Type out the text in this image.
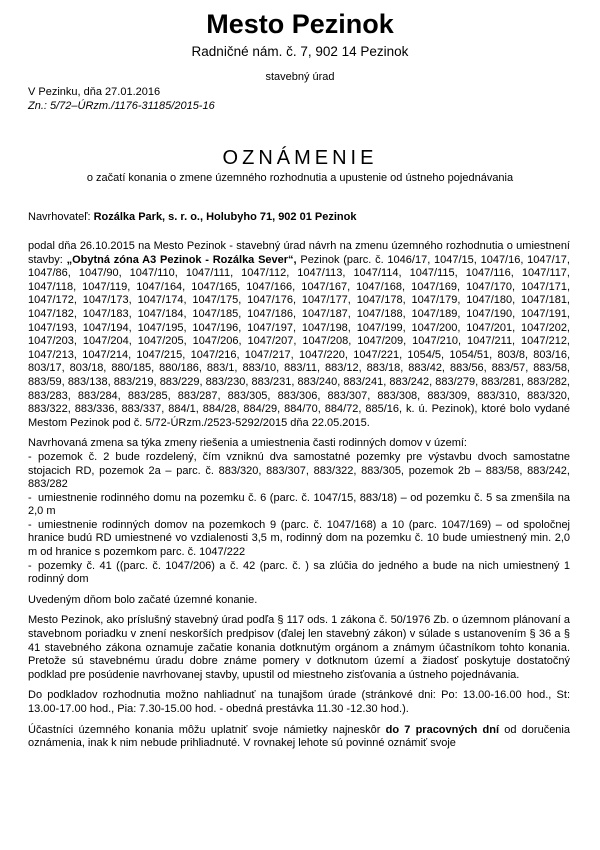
Mesto Pezinok
Radničné nám. č. 7, 902 14 Pezinok
stavebný úrad
V Pezinku, dňa 27.01.2016
Zn.: 5/72–ÚRzm./1176-31185/2015-16
OZNÁMENIE
o začatí konania o zmene územného rozhodnutia a upustenie od ústneho pojednávania
Navrhovateľ: Rozálka Park, s. r. o., Holubyho 71, 902 01 Pezinok

podal dňa 26.10.2015 na Mesto Pezinok - stavebný úrad návrh na zmenu územného rozhodnutia o umiestnení stavby: „Obytná zóna A3 Pezinok - Rozálka Sever“, Pezinok (parc. č. 1046/17, 1047/15, 1047/16, 1047/17, 1047/86, 1047/90, 1047/110, 1047/111, 1047/112, 1047/113, 1047/114, 1047/115, 1047/116, 1047/117, 1047/118, 1047/119, 1047/164, 1047/165, 1047/166, 1047/167, 1047/168, 1047/169, 1047/170, 1047/171, 1047/172, 1047/173, 1047/174, 1047/175, 1047/176, 1047/177, 1047/178, 1047/179, 1047/180, 1047/181, 1047/182, 1047/183, 1047/184, 1047/185, 1047/186, 1047/187, 1047/188, 1047/189, 1047/190, 1047/191, 1047/193, 1047/194, 1047/195, 1047/196, 1047/197, 1047/198, 1047/199, 1047/200, 1047/201, 1047/202, 1047/203, 1047/204, 1047/205, 1047/206, 1047/207, 1047/208, 1047/209, 1047/210, 1047/211, 1047/212, 1047/213, 1047/214, 1047/215, 1047/216, 1047/217, 1047/220, 1047/221, 1054/5, 1054/51, 803/8, 803/16, 803/17, 803/18, 880/185, 880/186, 883/1, 883/10, 883/11, 883/12, 883/18, 883/42, 883/56, 883/57, 883/58, 883/59, 883/138, 883/219, 883/229, 883/230, 883/231, 883/240, 883/241, 883/242, 883/279, 883/281, 883/282, 883/283, 883/284, 883/285, 883/287, 883/305, 883/306, 883/307, 883/308, 883/309, 883/310, 883/320, 883/322, 883/336, 883/337, 884/1, 884/28, 884/29, 884/70, 884/72, 885/16, k. ú. Pezinok), ktoré bolo vydané Mestom Pezinok pod č. 5/72-ÚRzm./2523-5292/2015 dňa 22.05.2015.

Navrhovaná zmena sa týka zmeny riešenia a umiestnenia časti rodinných domov v území:

- pozemok č. 2 bude rozdelený, čím vzniknú dva samostatné pozemky pre výstavbu dvoch samostatne stojacich RD, pozemok 2a – parc. č. 883/320, 883/307, 883/322, 883/305, pozemok 2b – 883/58, 883/242, 883/282
- umiestnenie rodinného domu na pozemku č. 6 (parc. č. 1047/15, 883/18) – od pozemku č. 5 sa zmenšila na 2,0 m
- umiestnenie rodinných domov na pozemkoch 9 (parc. č. 1047/168) a 10 (parc. 1047/169) – od spoločnej hranice budú RD umiestnené vo vzdialenosti 3,5 m, rodinný dom na pozemku č. 10 bude umiestnený min. 2,0 m od hranice s pozemkom parc. č. 1047/222
- pozemky č. 41 ((parc. č. 1047/206) a č. 42 (parc. č. ) sa zlúčia do jedného a bude na nich umiestnený 1 rodinný dom

Uvedeným dňom bolo začaté územné konanie.

Mesto Pezinok, ako príslušný stavebný úrad podľa § 117 ods. 1 zákona č. 50/1976 Zb. o územnom plánovaní a stavebnom poriadku v znení neskorších predpisov (ďalej len stavebný zákon) v súlade s ustanovením § 36 a § 41 stavebného zákona oznamuje začatie konania dotknutým orgánom a známym účastníkom tohto konania. Pretože sú stavebnému úradu dobre známe pomery v dotknutom území a žiadosť poskytuje dostatočný podklad pre posúdenie navrhovanej stavby, upustil od miestneho zisťovania a ústneho pojednávania.

Do podkladov rozhodnutia možno nahliadnuť na tunajšom úrade (stránkové dni: Po: 13.00-16.00 hod., St: 13.00-17.00 hod., Pia: 7.30-15.00 hod. - obedná prestávka 11.30 -12.30 hod.).

Účastníci územného konania môžu uplatniť svoje námietky najneskôr do 7 pracovných dní od doručenia oznámenia, inak k nim nebude prihliadnuté. V rovnakej lehote sú povinné oznámiť svoje
